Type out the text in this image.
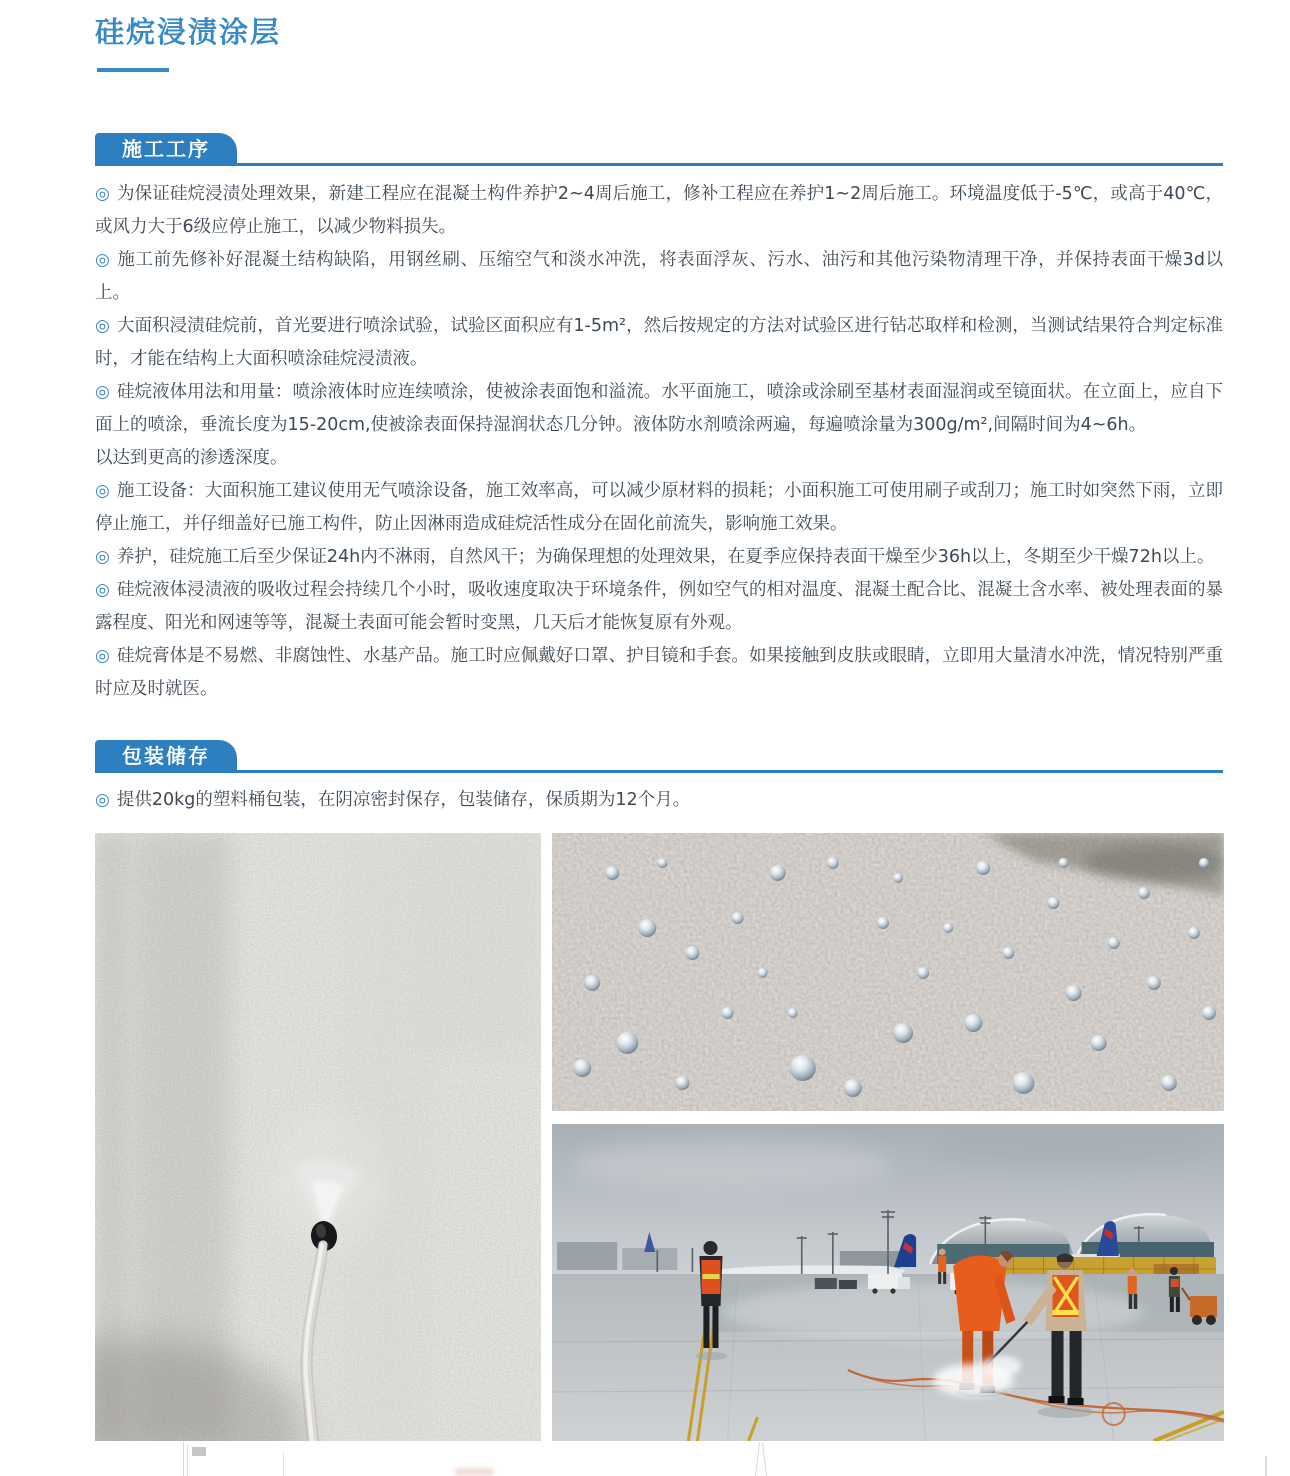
硅烷浸渍涂层
施工工序

◎ 为保证硅烷浸渍处理效果，新建工程应在混凝土构件养护2~4周后施工，修补工程应在养护1~2周后施工。环境温度低于-5℃，或高于40℃，或风力大于6级应停止施工，以减少物料损失。

◎ 施工前先修补好混凝土结构缺陷，用钢丝刷、压缩空气和淡水冲洗，将表面浮灰、污水、油污和其他污染物清理干净，并保持表面干燥3d以上。

◎ 大面积浸渍硅烷前，首光要进行喷涂试验，试验区面积应有1-5m²，然后按规定的方法对试验区进行钻芯取样和检测，当测试结果符合判定标准时，才能在结构上大面积喷涂硅烷浸渍液。

◎ 硅烷液体用法和用量：喷涂液体时应连续喷涂，使被涂表面饱和溢流。水平面施工，喷涂或涂刷至基材表面湿润或至镜面状。在立面上，应自下面上的喷涂，垂流长度为15-20cm,使被涂表面保持湿润状态几分钟。液体防水剂喷涂两遍，每遍喷涂量为300g/m²,间隔时间为4~6h。

以达到更高的渗透深度。

◎ 施工设备：大面积施工建议使用无气喷涂设备，施工效率高，可以减少原材料的损耗；小面积施工可使用刷子或刮刀；施工时如突然下雨，立即停止施工，并仔细盖好已施工构件，防止因淋雨造成硅烷活性成分在固化前流失，影响施工效果。

◎ 养护，硅烷施工后至少保证24h内不淋雨，自然风干；为确保理想的处理效果，在夏季应保持表面干燥至少36h以上，冬期至少干燥72h以上。

◎ 硅烷液体浸渍液的吸收过程会持续几个小时，吸收速度取决于环境条件，例如空气的相对温度、混凝土配合比、混凝土含水率、被处理表面的暴露程度、阳光和网速等等，混凝土表面可能会暂时变黑，几天后才能恢复原有外观。

◎ 硅烷膏体是不易燃、非腐蚀性、水基产品。施工时应佩戴好口罩、护目镜和手套。如果接触到皮肤或眼睛，立即用大量清水冲洗，情况特别严重时应及时就医。

包装储存

◎ 提供20kg的塑料桶包装，在阴凉密封保存，包装储存，保质期为12个月。
